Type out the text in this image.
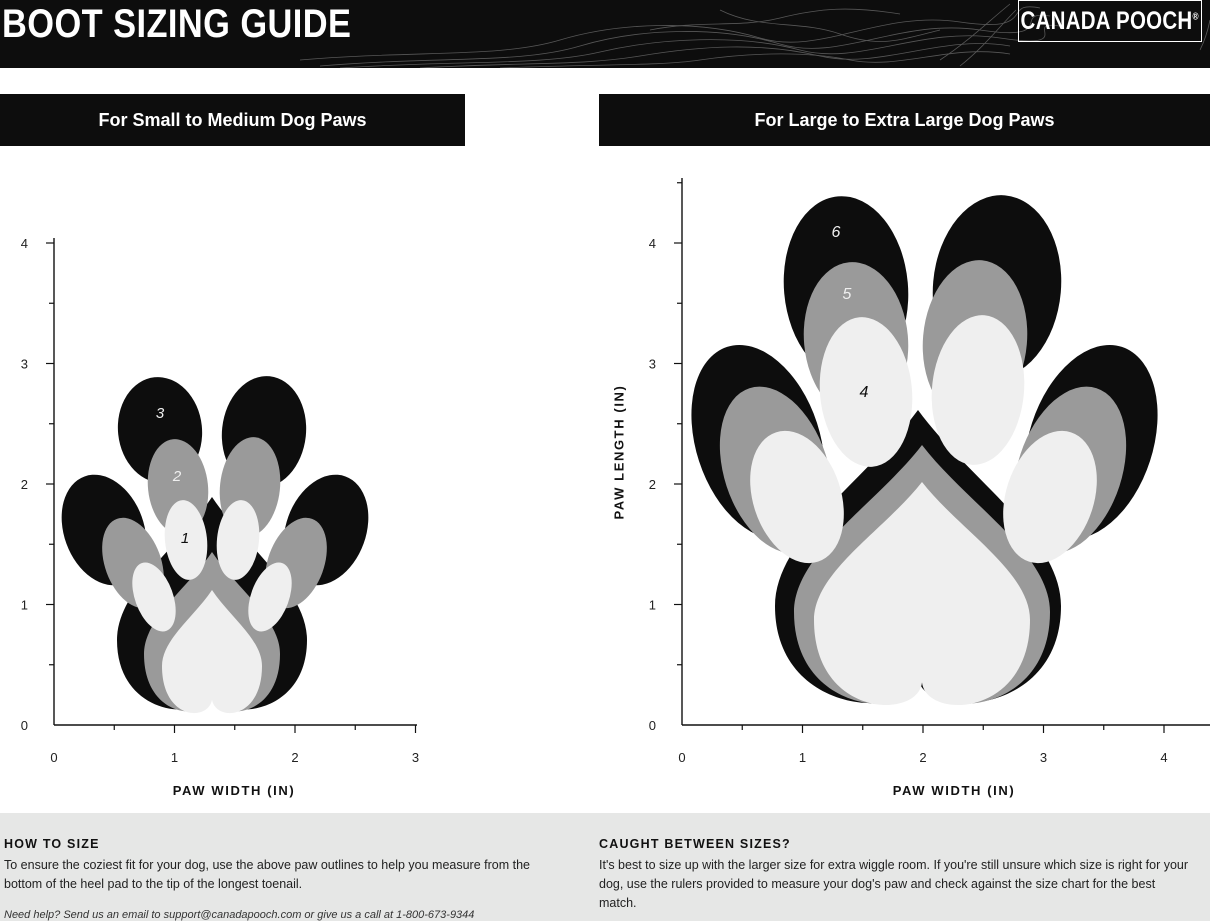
BOOT SIZING GUIDE	CANADA POOCH®
For Small to Medium Dog Paws	For Large to Extra Large Dog Paws
0
1
2
3
4
0	1	2	3
PAW WIDTH (IN)
1
2
3
0
1
2
3
4
0	1	2	3	4
PAW WIDTH (IN)
PAW LENGTH (IN)	4
5
6
HOW TO SIZE
To ensure the coziest fit for your dog, use the above paw outlines to help you measure from the bottom of the heel pad to the tip of the longest toenail.
CAUGHT BETWEEN SIZES?
It's best to size up with the larger size for extra wiggle room. If you're still unsure which size is right for your dog, use the rulers provided to measure your dog's paw and check against the size chart for the best match.
Need help? Send us an email to support@canadapooch.com or give us a call at 1-800-673-9344
